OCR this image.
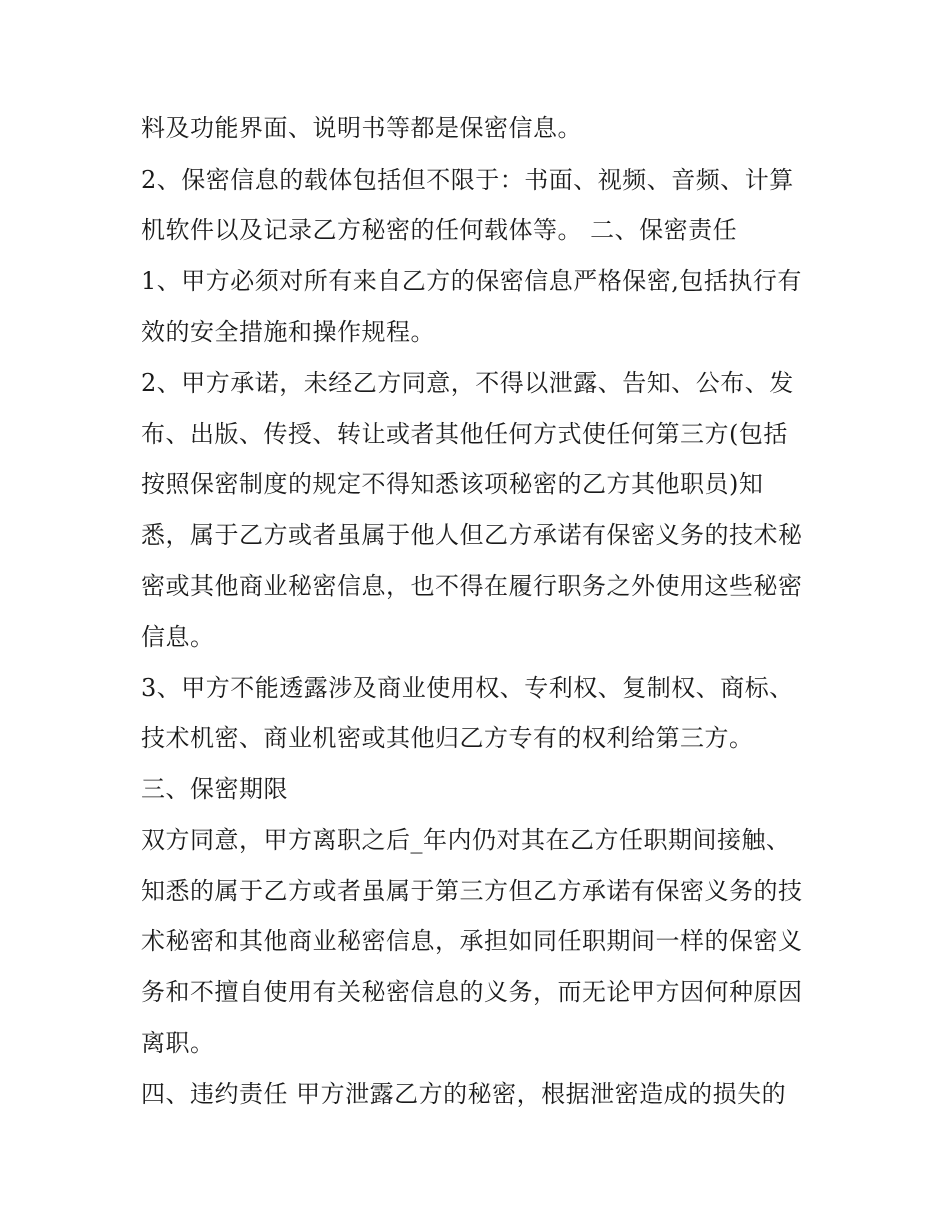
料及功能界面、说明书等都是保密信息。

2、保密信息的载体包括但不限于：书面、视频、音频、计算

机软件以及记录乙方秘密的任何载体等。 二、保密责任

1、甲方必须对所有来自乙方的保密信息严格保密,包括执行有

效的安全措施和操作规程。

2、甲方承诺，未经乙方同意，不得以泄露、告知、公布、发

布、出版、传授、转让或者其他任何方式使任何第三方(包括

按照保密制度的规定不得知悉该项秘密的乙方其他职员)知

悉，属于乙方或者虽属于他人但乙方承诺有保密义务的技术秘

密或其他商业秘密信息，也不得在履行职务之外使用这些秘密

信息。

3、甲方不能透露涉及商业使用权、专利权、复制权、商标、

技术机密、商业机密或其他归乙方专有的权利给第三方。

三、保密期限

双方同意，甲方离职之后_年内仍对其在乙方任职期间接触、

知悉的属于乙方或者虽属于第三方但乙方承诺有保密义务的技

术秘密和其他商业秘密信息，承担如同任职期间一样的保密义

务和不擅自使用有关秘密信息的义务，而无论甲方因何种原因

离职。

四、违约责任 甲方泄露乙方的秘密，根据泄密造成的损失的
